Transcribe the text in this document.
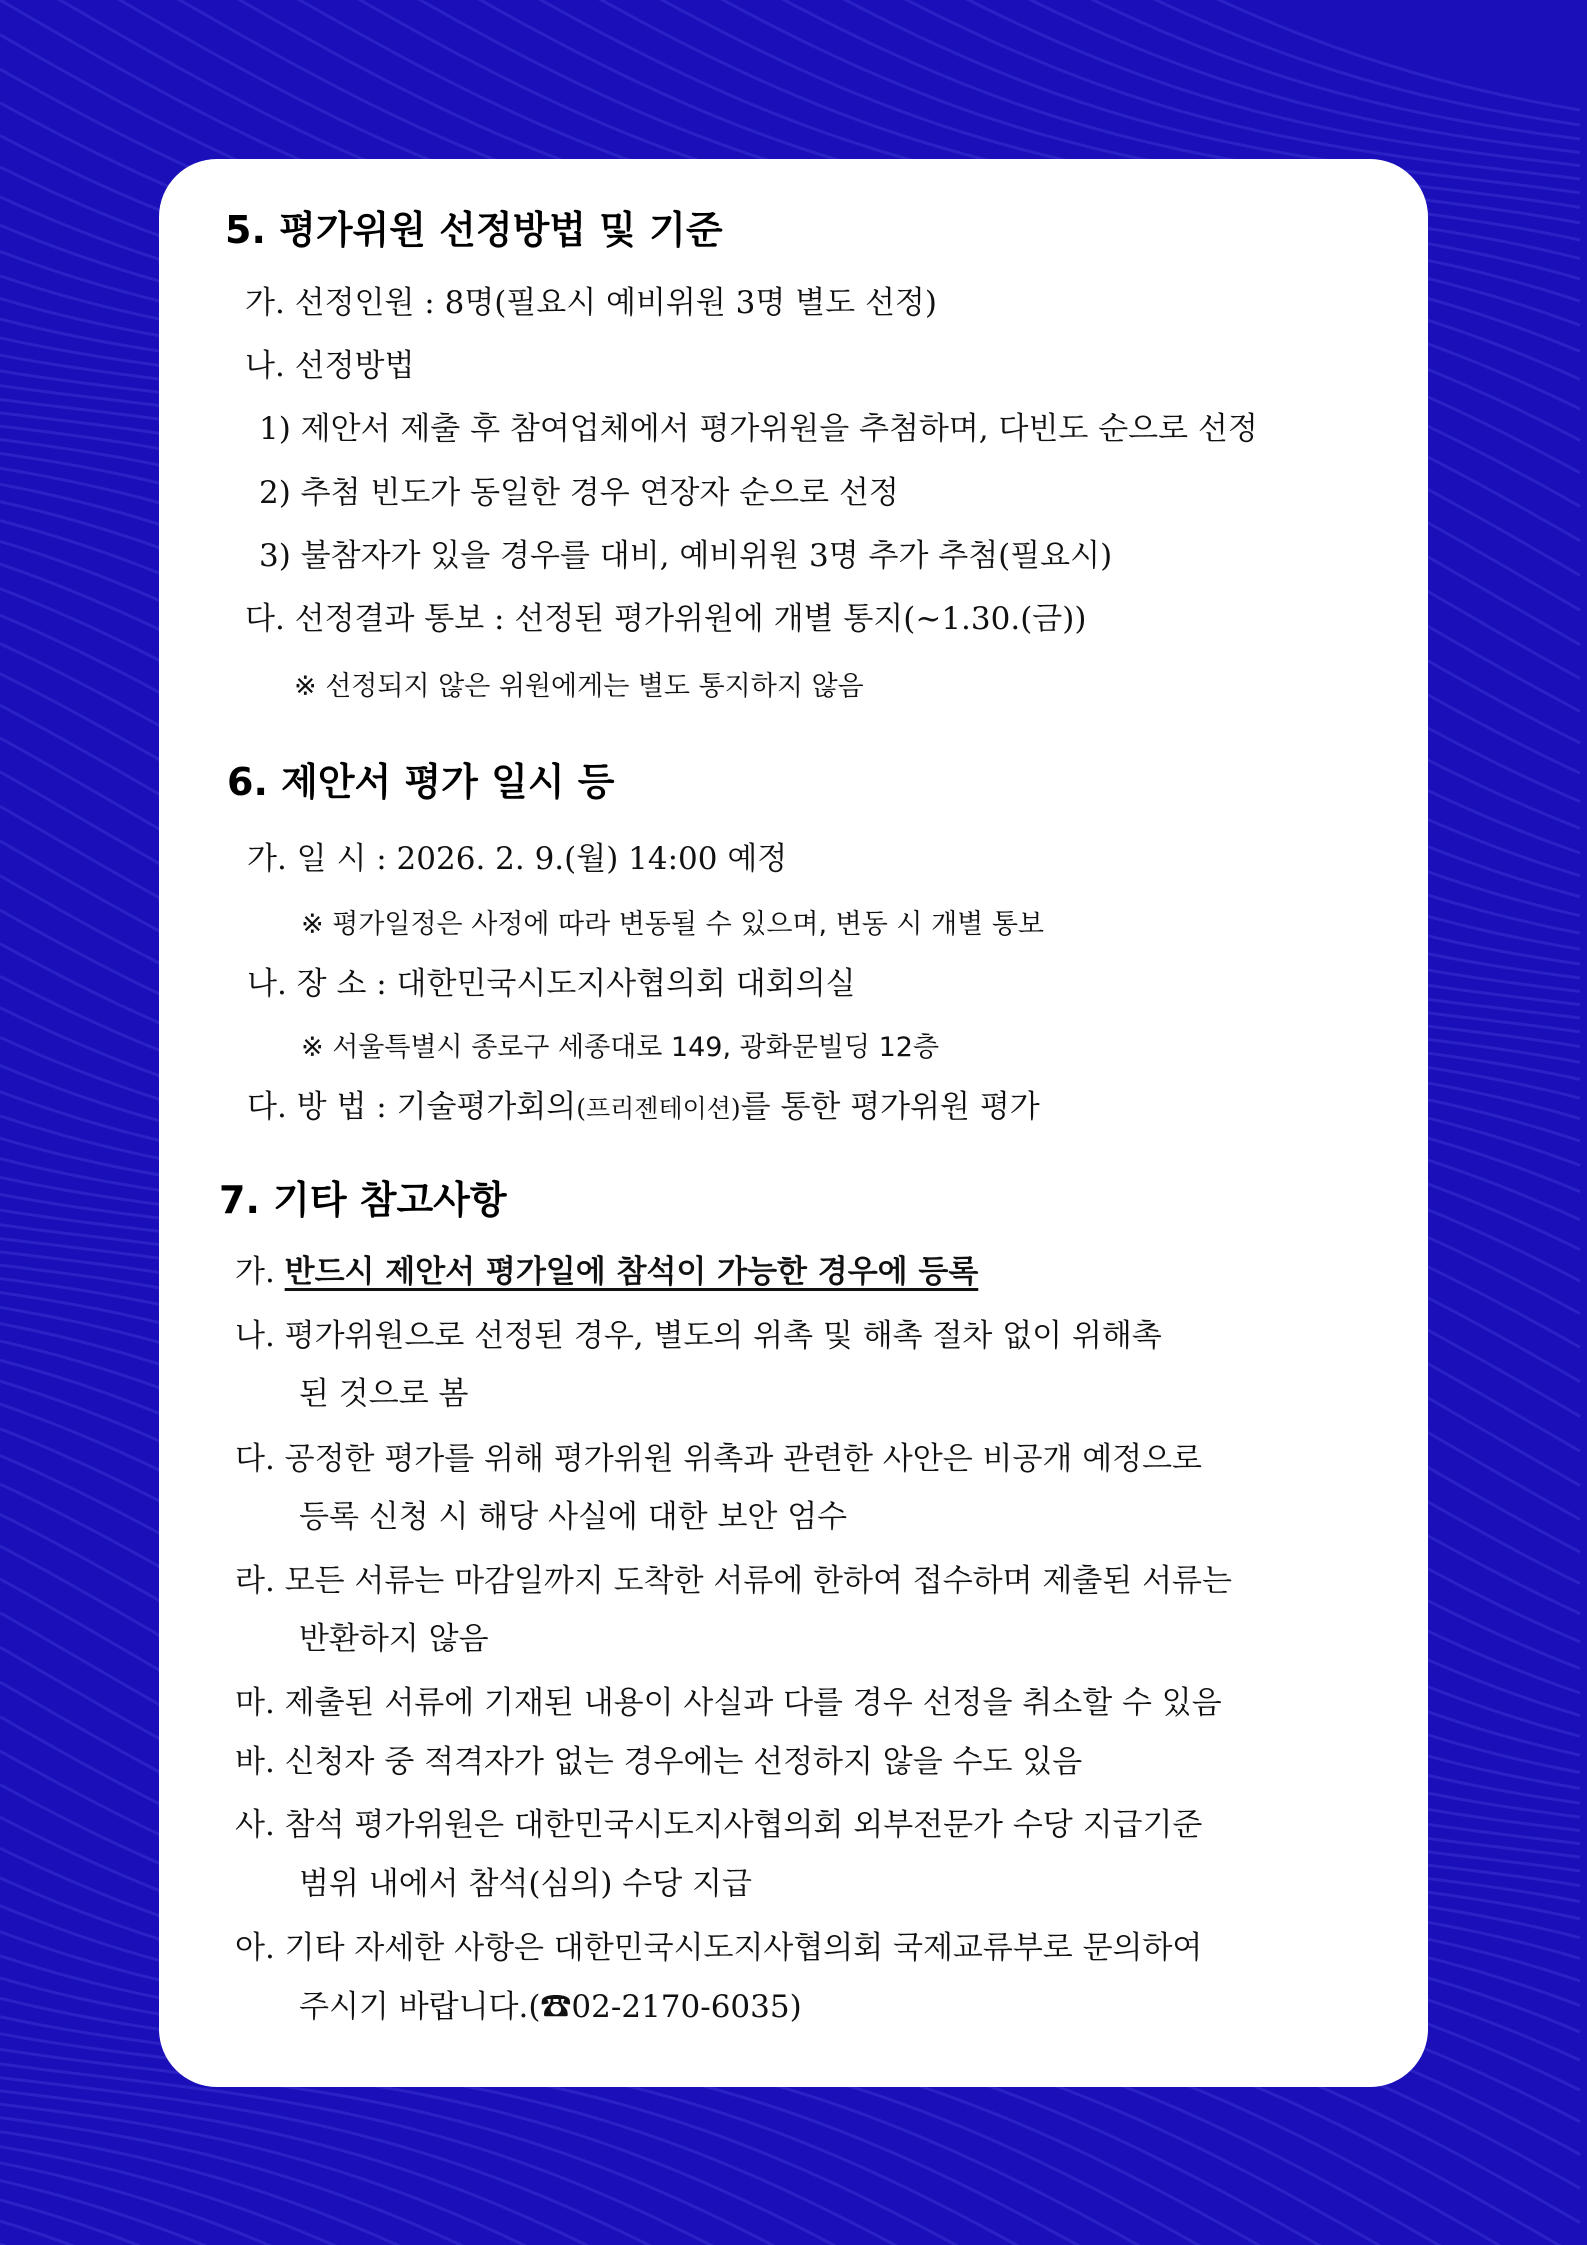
5. 평가위원 선정방법 및 기준

가. 선정인원 : 8명(필요시 예비위원 3명 별도 선정)

나. 선정방법

1) 제안서 제출 후 참여업체에서 평가위원을 추첨하며, 다빈도 순으로 선정

2) 추첨 빈도가 동일한 경우 연장자 순으로 선정

3) 불참자가 있을 경우를 대비, 예비위원 3명 추가 추첨(필요시)

다. 선정결과 통보 : 선정된 평가위원에 개별 통지(~1.30.(금))

※ 선정되지 않은 위원에게는 별도 통지하지 않음

6. 제안서 평가 일시 등

가. 일 시 : 2026. 2. 9.(월) 14:00 예정

※ 평가일정은 사정에 따라 변동될 수 있으며, 변동 시 개별 통보

나. 장 소 : 대한민국시도지사협의회 대회의실

※ 서울특별시 종로구 세종대로 149, 광화문빌딩 12층

다. 방 법 : 기술평가회의(프리젠테이션)를 통한 평가위원 평가

7. 기타 참고사항

가. 반드시 제안서 평가일에 참석이 가능한 경우에 등록

나. 평가위원으로 선정된 경우, 별도의 위촉 및 해촉 절차 없이 위해촉

된 것으로 봄

다. 공정한 평가를 위해 평가위원 위촉과 관련한 사안은 비공개 예정으로

등록 신청 시 해당 사실에 대한 보안 엄수

라. 모든 서류는 마감일까지 도착한 서류에 한하여 접수하며 제출된 서류는

반환하지 않음

마. 제출된 서류에 기재된 내용이 사실과 다를 경우 선정을 취소할 수 있음

바. 신청자 중 적격자가 없는 경우에는 선정하지 않을 수도 있음

사. 참석 평가위원은 대한민국시도지사협의회 외부전문가 수당 지급기준

범위 내에서 참석(심의) 수당 지급

아. 기타 자세한 사항은 대한민국시도지사협의회 국제교류부로 문의하여

주시기 바랍니다.(☎02-2170-6035)
